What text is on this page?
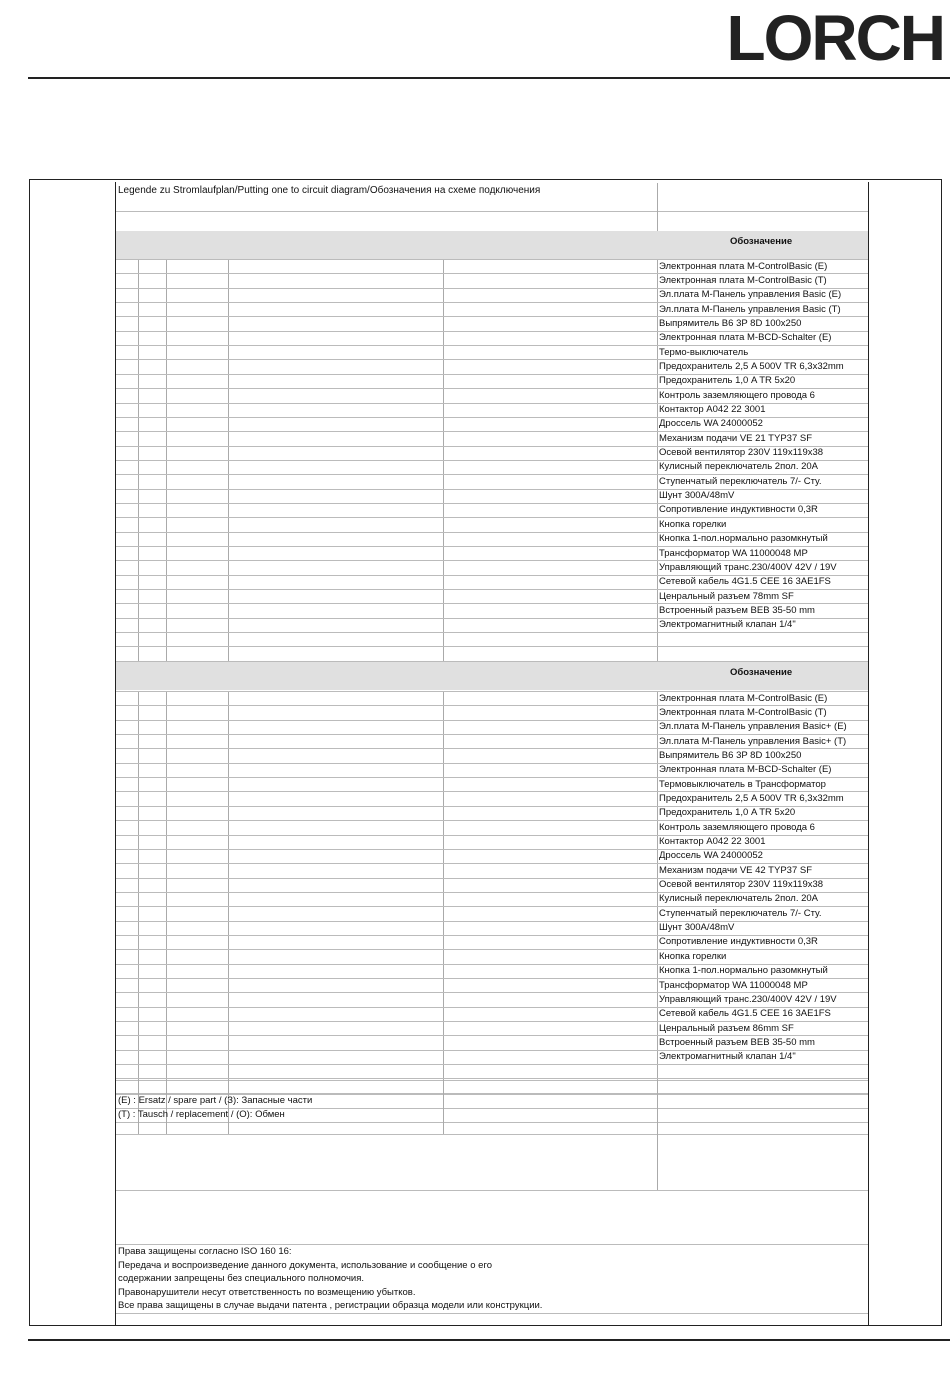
LORCH
Legende zu Stromlaufplan/Putting one to circuit diagram/Обозначения на схеме подключения
Обозначение
Электронная плата M-ControlBasic (E)
Электронная плата M-ControlBasic (T)
Эл.плата M-Панель управления Basic (E)
Эл.плата M-Панель управления Basic (T)
Выпрямитель B6 3P 8D 100x250
Электронная плата M-BCD-Schalter (E)
Термо-выключатель
Предохранитель 2,5 A 500V TR 6,3x32mm
Предохранитель 1,0 A TR 5x20
Контроль заземляющего провода 6
Контактор A042 22 3001
Дроссель WA 24000052
Механизм подачи VE 21 TYP37 SF
Осевой вентилятор 230V 119x119x38
Кулисный переключатель 2пол. 20A
Ступенчатый переключатель 7/- Сту.
Шунт 300A/48mV
Сопротивление индуктивности 0,3R
Кнопка горелки
Кнопка 1-пол.нормально разомкнутый
Трансформатор WA 11000048 MP
Управляющий транс.230/400V 42V / 19V
Сетевой кабель 4G1.5 CEE 16 3AE1FS
Ценральный разъем 78mm SF
Встроенный разъем BEB 35-50 mm
Электромагнитный клапан 1/4"
Обозначение
Электронная плата M-ControlBasic (E)
Электронная плата M-ControlBasic (T)
Эл.плата M-Панель управления Basic+ (E)
Эл.плата M-Панель управления Basic+ (T)
Выпрямитель B6 3P 8D 100x250
Электронная плата M-BCD-Schalter (E)
Термовыключатель в Трансформатор
Предохранитель 2,5 A 500V TR 6,3x32mm
Предохранитель 1,0 A TR 5x20
Контроль заземляющего провода 6
Контактор A042 22 3001
Дроссель WA 24000052
Механизм подачи VE 42 TYP37 SF
Осевой вентилятор 230V 119x119x38
Кулисный переключатель 2пол. 20A
Ступенчатый переключатель 7/- Сту.
Шунт 300A/48mV
Сопротивление индуктивности 0,3R
Кнопка горелки
Кнопка 1-пол.нормально разомкнутый
Трансформатор WA 11000048 MP
Управляющий транс.230/400V 42V / 19V
Сетевой кабель 4G1.5 CEE 16 3AE1FS
Ценральный разъем 86mm SF
Встроенный разъем BEB 35-50 mm
Электромагнитный клапан 1/4"
(E) : Ersatz / spare part / (З): Запасные части
(T) : Tausch / replacement / (O): Обмен
Права защищены согласно ISO 160 16:
Передача и воспроизведение данного документа, использование и сообщение о его
содержании запрещены без специального полномочия.
Правонарушители несут ответственность по возмещению убытков.
Все права защищены в случае выдачи патента , регистрации образца модели или конструкции.
